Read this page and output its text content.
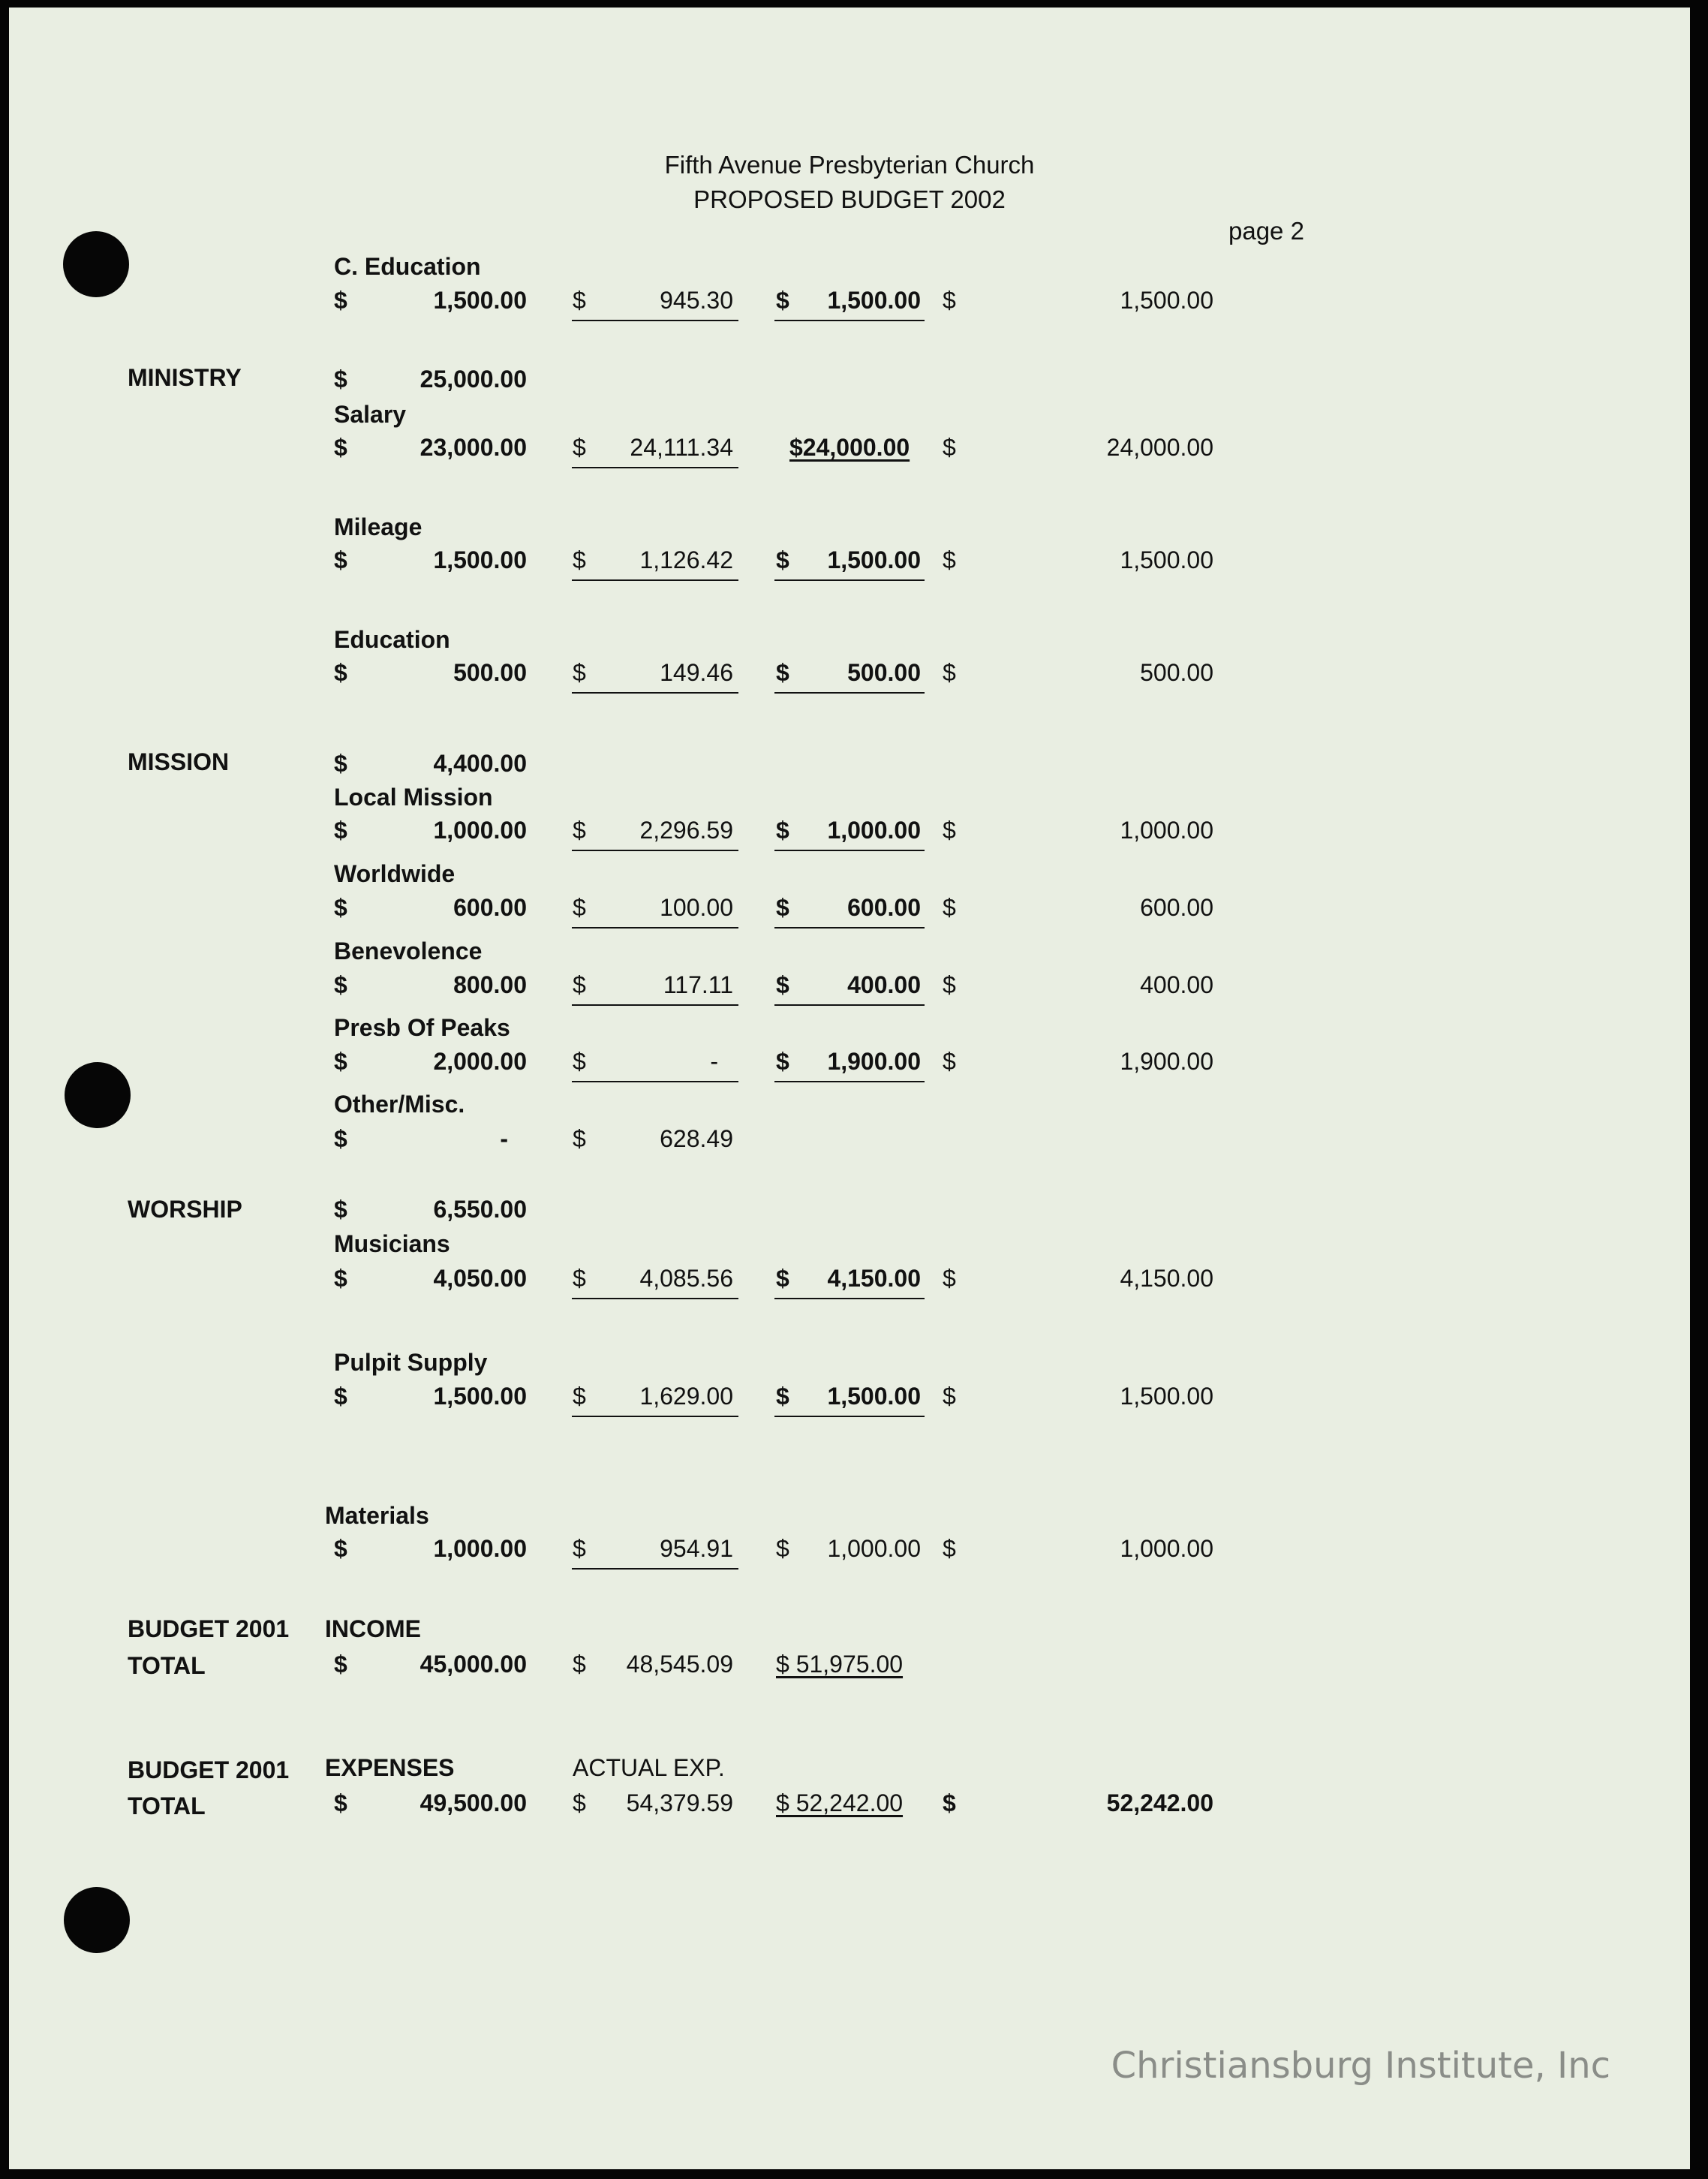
Fifth Avenue Presbyterian Church
PROPOSED BUDGET 2002
page 2
C. Education
$	1,500.00 $	945.30 $	1,500.00 $	1,500.00
MINISTRY	$	25,000.00
Salary
$	23,000.00 $	24,111.34 $24,000.00 $	24,000.00
Mileage
$	1,500.00 $	1,126.42 $	1,500.00 $	1,500.00
Education
$	500.00 $	149.46 $	500.00 $	500.00
MISSION	$	4,400.00
Local Mission
$	1,000.00 $	2,296.59 $	1,000.00 $	1,000.00
Worldwide
$	600.00 $	100.00 $	600.00 $	600.00
Benevolence
$	800.00 $	117.11 $	400.00 $	400.00
Presb Of Peaks
$	2,000.00 $	- $	1,900.00 $	1,900.00
Other/Misc.
$	-	$	628.49
WORSHIP	$	6,550.00
Musicians
$	4,050.00 $	4,085.56 $	4,150.00 $	4,150.00
Pulpit Supply
$	1,500.00 $	1,629.00 $	1,500.00 $	1,500.00
Materials
$	1,000.00 $	954.91 $	1,000.00 $	1,000.00
BUDGET 2001
TOTAL
INCOME
$	45,000.00 $	48,545.09 $ 51,975.00
BUDGET 2001
TOTAL
EXPENSES	ACTUAL EXP.
$	49,500.00 $	54,379.59 $ 52,242.00 $	52,242.00
Christiansburg Institute, Inc
